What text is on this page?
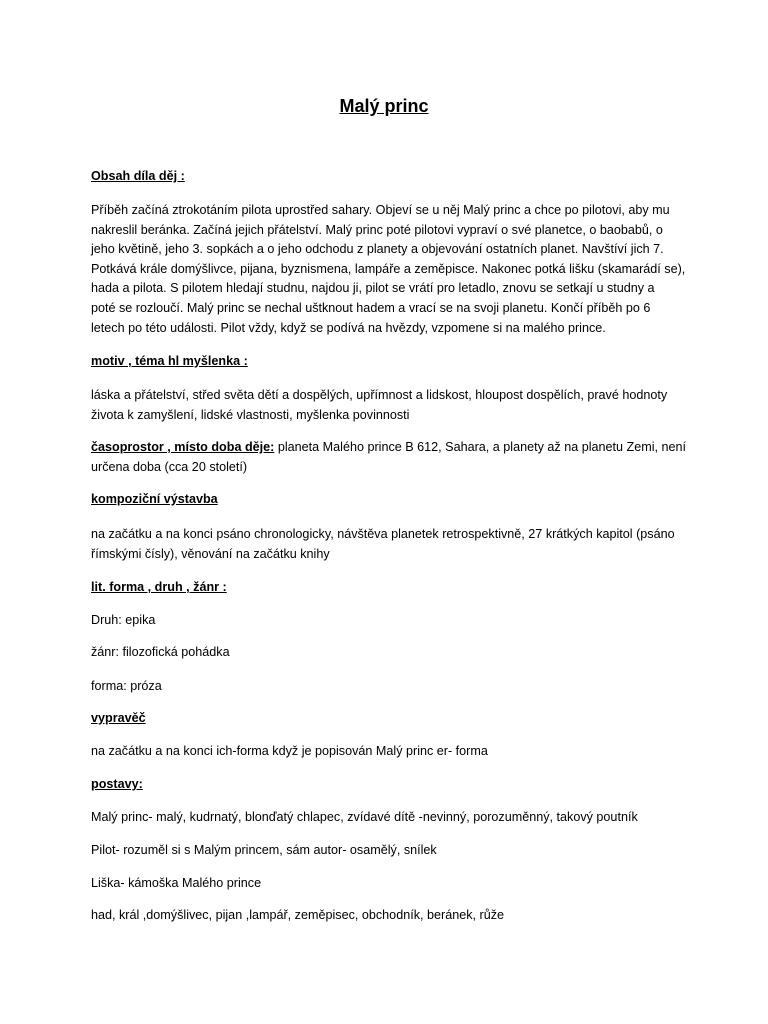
Malý princ
Obsah díla děj :
Příběh začíná ztrokotáním pilota uprostřed sahary. Objeví se u něj Malý princ a chce po pilotovi, aby mu
nakreslil beránka. Začíná jejich přátelství. Malý princ poté pilotovi vypraví o své planetce, o baobabů, o
jeho květině, jeho 3. sopkách a o jeho odchodu z planety a objevování ostatních planet. Navštíví jich 7.
Potkává krále domýšlivce, pijana, byznismena, lampáře a zeměpisce. Nakonec potká lišku (skamarádí se),
hada a pilota. S pilotem hledají studnu, najdou ji, pilot se vrátí pro letadlo, znovu se setkají u studny a
poté se rozloučí. Malý princ se nechal uštknout hadem a vrací se na svoji planetu. Končí příběh po 6
letech po této události. Pilot vždy, když se podívá na hvězdy, vzpomene si na malého prince.
motiv , téma hl myšlenka :
láska a přátelství, střed světa dětí a dospělých, upřímnost a lidskost, hloupost dospělích, pravé hodnoty
života k zamyšlení, lidské vlastnosti, myšlenka povinnosti
časoprostor , místo doba děje: planeta Malého prince B 612, Sahara, a planety až na planetu Zemi, není
určena doba (cca 20 století)
kompoziční výstavba
na začátku a na konci psáno chronologicky, návštěva planetek retrospektivně, 27 krátkých kapitol (psáno
římskými čísly), věnování na začátku knihy
lit. forma , druh , žánr :
Druh: epika
žánr: filozofická pohádka
forma: próza
vypravěč
na začátku a na konci ich-forma když je popisován Malý princ er- forma
postavy:
Malý princ- malý, kudrnatý, blonďatý chlapec, zvídavé dítě -nevinný, porozuměnný, takový poutník
Pilot- rozuměl si s Malým princem, sám autor- osamělý, snílek
Liška- kámoška Malého prince
had, král ,domýšlivec, pijan ,lampář, zeměpisec, obchodník, beránek, růže
